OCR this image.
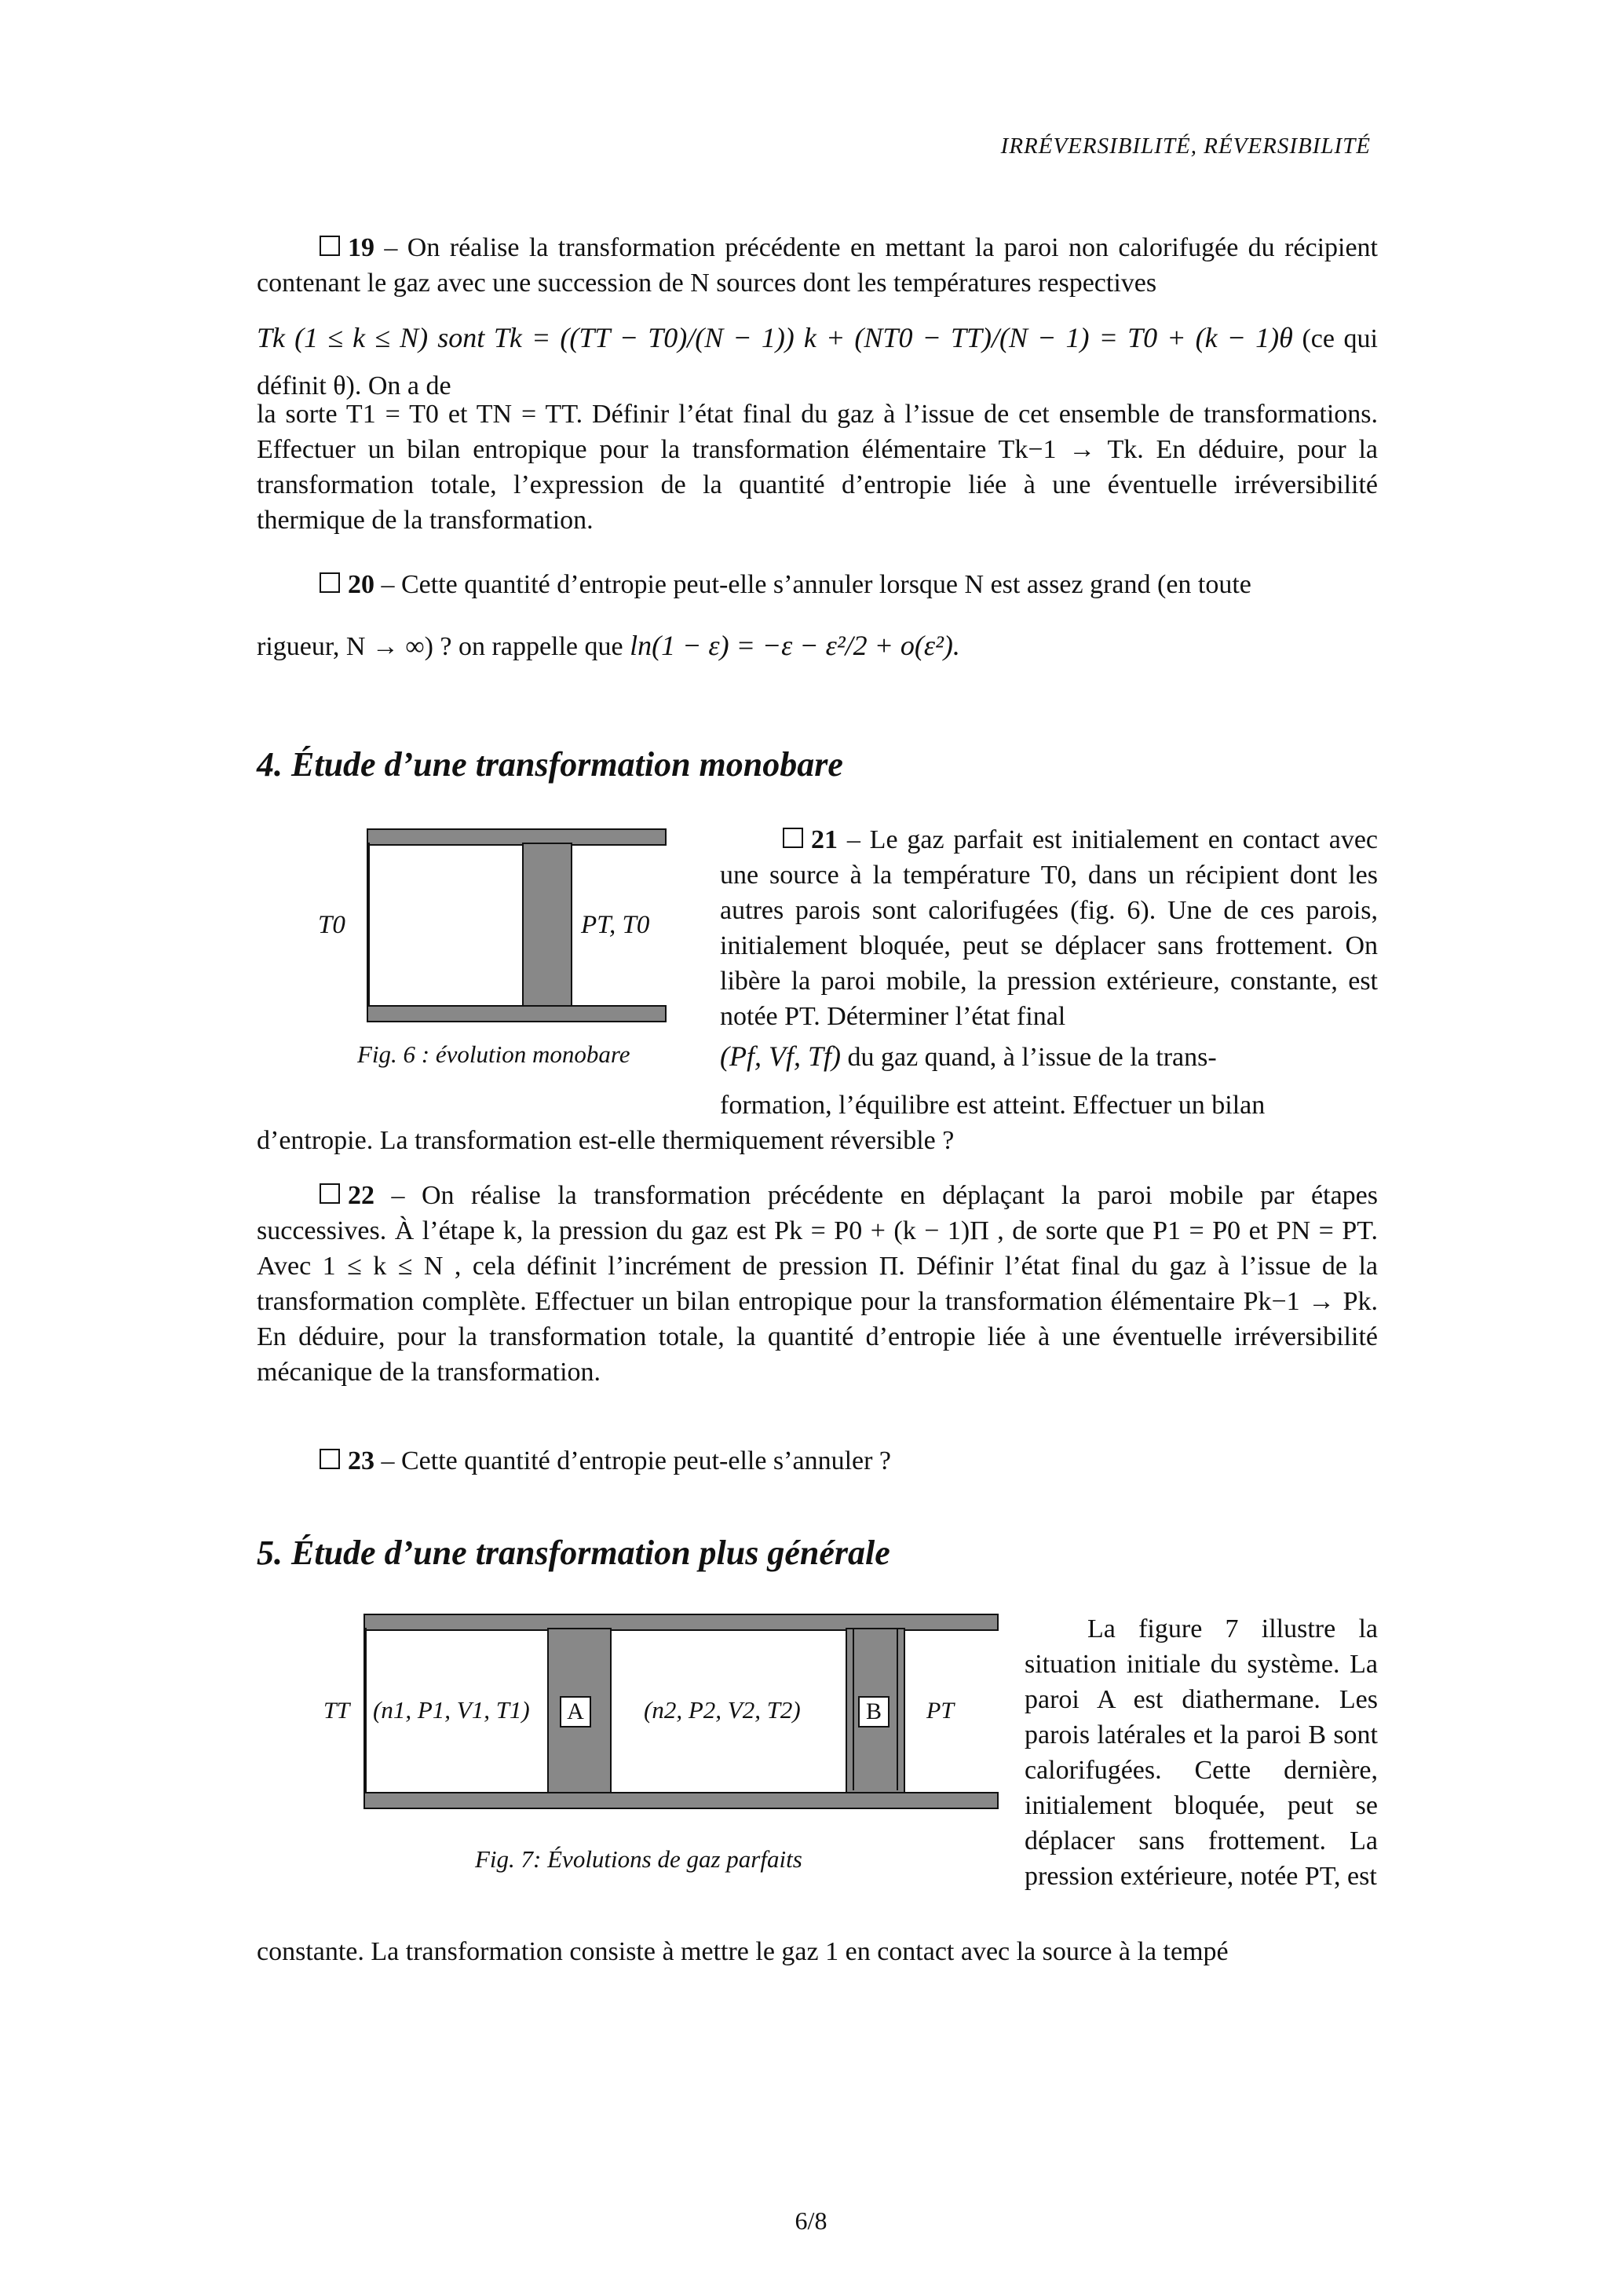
IRRÉVERSIBILITÉ, RÉVERSIBILITÉ
19 – On réalise la transformation précédente en mettant la paroi non calorifugée du récipient contenant le gaz avec une succession de N sources dont les températures respectives
Tk (1 ≤ k ≤ N) sont Tk = ((TT − T0)/(N − 1)) k + (NT0 − TT)/(N − 1) = T0 + (k − 1)θ (ce qui définit θ). On a de
la sorte T1 = T0 et TN = TT. Définir l’état final du gaz à l’issue de cet ensemble de transformations. Effectuer un bilan entropique pour la transformation élémentaire Tk−1 → Tk. En déduire, pour la transformation totale, l’expression de la quantité d’entropie liée à une éventuelle irréversibilité thermique de la transformation.
20 – Cette quantité d’entropie peut-elle s’annuler lorsque N est assez grand (en toute
rigueur, N → ∞) ? on rappelle que ln(1 − ε) = −ε − ε²/2 + o(ε²).
4. Étude d’une transformation monobare
T0	PT, T0
Fig. 6 : évolution monobare
21 – Le gaz parfait est initialement en contact avec une source à la température T0, dans un récipient dont les autres parois sont calorifugées (fig. 6). Une de ces parois, initialement bloquée, peut se déplacer sans frottement. On libère la paroi mobile, la pression extérieure, constante, est notée PT. Déterminer l’état final
(Pf, Vf, Tf) du gaz quand, à l’issue de la trans-
formation, l’équilibre est atteint. Effectuer un bilan
d’entropie. La transformation est-elle thermiquement réversible ?
22 – On réalise la transformation précédente en déplaçant la paroi mobile par étapes successives. À l’étape k, la pression du gaz est Pk = P0 + (k − 1)Π , de sorte que P1 = P0 et PN = PT. Avec 1 ≤ k ≤ N , cela définit l’incrément de pression Π. Définir l’état final du gaz à l’issue de la transformation complète. Effectuer un bilan entropique pour la transformation élémentaire Pk−1 → Pk. En déduire, pour la transformation totale, la quantité d’entropie liée à une éventuelle irréversibilité mécanique de la transformation.
23 – Cette quantité d’entropie peut-elle s’annuler ?
5. Étude d’une transformation plus générale
TT (n1, P1, V1, T1)	A (n2, P2, V2, T2)	B	PT
Fig. 7: Évolutions de gaz parfaits
La figure 7 illustre la situation initiale du système. La paroi A est diathermane. Les parois latérales et la paroi B sont calorifugées. Cette dernière, initialement bloquée, peut se déplacer sans frottement. La pression extérieure, notée PT, est
constante. La transformation consiste à mettre le gaz 1 en contact avec la source à la tempé
6/8
